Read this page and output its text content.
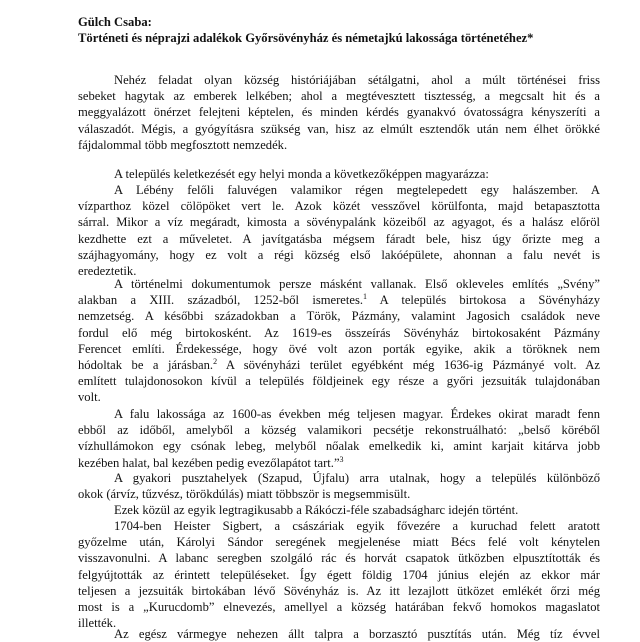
Gülch Csaba:
Történeti és néprajzi adalékok Győrsövényház és németajkú lakossága történetéhez*
Nehéz feladat olyan község históriájában sétálgatni, ahol a múlt történései friss
sebeket hagytak az emberek lelkében; ahol a megtévesztett tisztesség, a megcsalt hit és a
meggyalázott önérzet felejteni képtelen, és minden kérdés gyanakvó óvatosságra kényszeríti a
válaszadót. Mégis, a gyógyításra szükség van, hisz az elmúlt esztendők után nem élhet örökké
fájdalommal több megfosztott nemzedék.
A település keletkezését egy helyi monda a következőképpen magyarázza:
A Lébény felőli faluvégen valamikor régen megtelepedett egy halászember. A
vízparthoz közel cölöpöket vert le. Azok közét vesszővel körülfonta, majd betapasztotta
sárral. Mikor a víz megáradt, kimosta a sövénypalánk közeiből az agyagot, és a halász előröl
kezdhette ezt a műveletet. A javítgatásba mégsem fáradt bele, hisz úgy őrizte meg a
szájhagyomány, hogy ez volt a régi község első lakóépülete, ahonnan a falu nevét is
eredeztetik.
A történelmi dokumentumok persze másként vallanak. Első okleveles említés „Svény”
alakban a XIII. századból, 1252-ből ismeretes.$^1$ A település birtokosa a Sövényházy
nemzetség. A későbbi századokban a Török, Pázmány, valamint Jagosich családok neve
fordul elő még birtokosként. Az 1619-es összeírás Sövényház birtokosaként Pázmány
Ferencet említi. Érdekessége, hogy övé volt azon porták egyike, akik a töröknek nem
hódoltak be a járásban.$^2$ A sövényházi terület egyébként még 1636-ig Pázmányé volt. Az
említett tulajdonosokon kívül a település földjeinek egy része a győri jezsuiták tulajdonában
volt.
A falu lakossága az 1600-as években még teljesen magyar. Érdekes okirat maradt fenn
ebből az időből, amelyből a község valamikori pecsétje rekonstruálható: „belső köréből
vízhullámokon egy csónak lebeg, melyből nőalak emelkedik ki, amint karjait kitárva jobb
kezében halat, bal kezében pedig evezőlapátot tart.”$^3$
A gyakori pusztahelyek (Szapud, Újfalu) arra utalnak, hogy a település különböző
okok (árvíz, tűzvész, törökdúlás) miatt többször is megsemmisült.
Ezek közül az egyik legtragikusabb a Rákóczi-féle szabadságharc idején történt.
1704-ben Heister Sigbert, a császáriak egyik fővezére a kuruchad felett aratott
győzelme után, Károlyi Sándor seregének megjelenése miatt Bécs felé volt kénytelen
visszavonulni. A labanc seregben szolgáló rác és horvát csapatok ütközben elpusztították és
felgyújtották az érintett településeket. Így égett földig 1704 június elején az ekkor már
teljesen a jezsuiták birtokában lévő Sövényház is. Az itt lezajlott ütközet emlékét őrzi még
most is a „Kurucdomb” elnevezés, amellyel a község határában fekvő homokos magaslatot
illették.
Az egész vármegye nehezen állt talpra a borzasztó pusztítás után. Még tíz évvel
